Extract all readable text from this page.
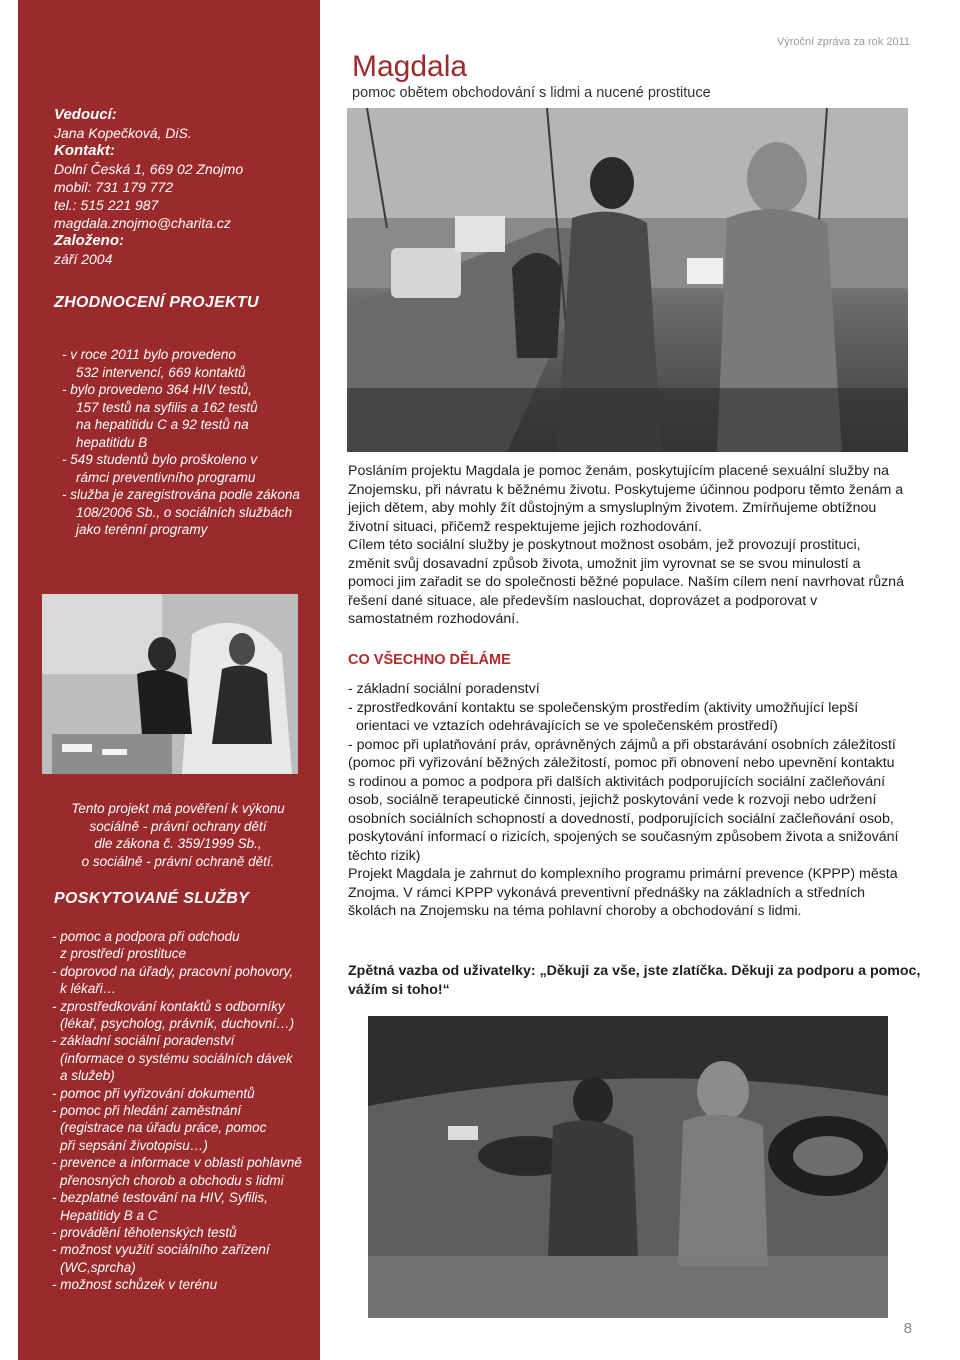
Vedoucí:
Jana Kopečková, DiS.
Kontakt:
Dolní Česká 1, 669 02 Znojmo
mobil: 731 179 772
tel.: 515 221 987
magdala.znojmo@charita.cz
Založeno:
září 2004
ZHODNOCENÍ PROJEKTU
- v roce 2011 bylo provedeno
532 intervencí, 669 kontaktů
- bylo provedeno 364 HIV testů,
157 testů na syfilis a 162 testů
na hepatitidu C a 92 testů na
hepatitidu B
- 549 studentů bylo proškoleno v
rámci preventivního programu
- služba je zaregistrována podle zákona
108/2006 Sb., o sociálních službách
jako terénní programy
Tento projekt má pověření k výkonu
sociálně - právní ochrany dětí
dle zákona č. 359/1999 Sb.,
o sociálně - právní ochraně dětí.
POSKYTOVANÉ SLUŽBY
- pomoc a podpora při odchodu
z prostředí prostituce
- doprovod na úřady, pracovní pohovory,
k lékaři…
- zprostředkování kontaktů s odborníky
(lékař, psycholog, právník, duchovní…)
- základní sociální poradenství
(informace o systému sociálních dávek
a služeb)
- pomoc při vyřizování dokumentů
- pomoc při hledání zaměstnání
(registrace na úřadu práce, pomoc
při sepsání životopisu…)
- prevence a informace v oblasti pohlavně
přenosných chorob a obchodu s lidmi
- bezplatné testování na HIV, Syfilis,
Hepatitidy B a C
- provádění těhotenských testů
- možnost využití sociálního zařízení
(WC,sprcha)
- možnost schůzek v terénu
Výroční zpráva za rok 2011
Magdala
pomoc obětem obchodování s lidmi a nucené prostituce
Posláním projektu Magdala je pomoc ženám, poskytujícím placené sexuální služby na
Znojemsku, při návratu k běžnému životu. Poskytujeme účinnou podporu těmto ženám a
jejich dětem, aby mohly žít důstojným a smysluplným životem. Zmírňujeme obtížnou
životní situaci, přičemž respektujeme jejich rozhodování.
Cílem této sociální služby je poskytnout možnost osobám, jež provozují prostituci,
změnit svůj dosavadní způsob života, umožnit jim vyrovnat se se svou minulostí a
pomoci jim zařadit se do společnosti běžné populace. Naším cílem není navrhovat různá
řešení dané situace, ale především naslouchat, doprovázet a podporovat v
samostatném rozhodování.
CO VŠECHNO DĚLÁME
- základní sociální poradenství
- zprostředkování kontaktu se společenským prostředím (aktivity umožňující lepší
orientaci ve vztazích odehrávajících se ve společenském prostředí)
- pomoc při uplatňování práv, oprávněných zájmů a při obstarávání osobních záležitostí
(pomoc při vyřizování běžných záležitostí, pomoc při obnovení nebo upevnění kontaktu
s rodinou a pomoc a podpora při dalších aktivitách podporujících sociální začleňování
osob, sociálně terapeutické činnosti, jejichž poskytování vede k rozvoji nebo udržení
osobních sociálních schopností a dovedností, podporujících sociální začleňování osob,
poskytování informací o rizicích, spojených se současným způsobem života a snižování
těchto rizik)
Projekt Magdala je zahrnut do komplexního programu primární prevence (KPPP) města
Znojma. V rámci KPPP vykonává preventivní přednášky na základních a středních
školách na Znojemsku na téma pohlavní choroby a obchodování s lidmi.
Zpětná vazba od uživatelky: „Děkuji za vše, jste zlatíčka. Děkuji za podporu a pomoc,
vážím si toho!“
8
